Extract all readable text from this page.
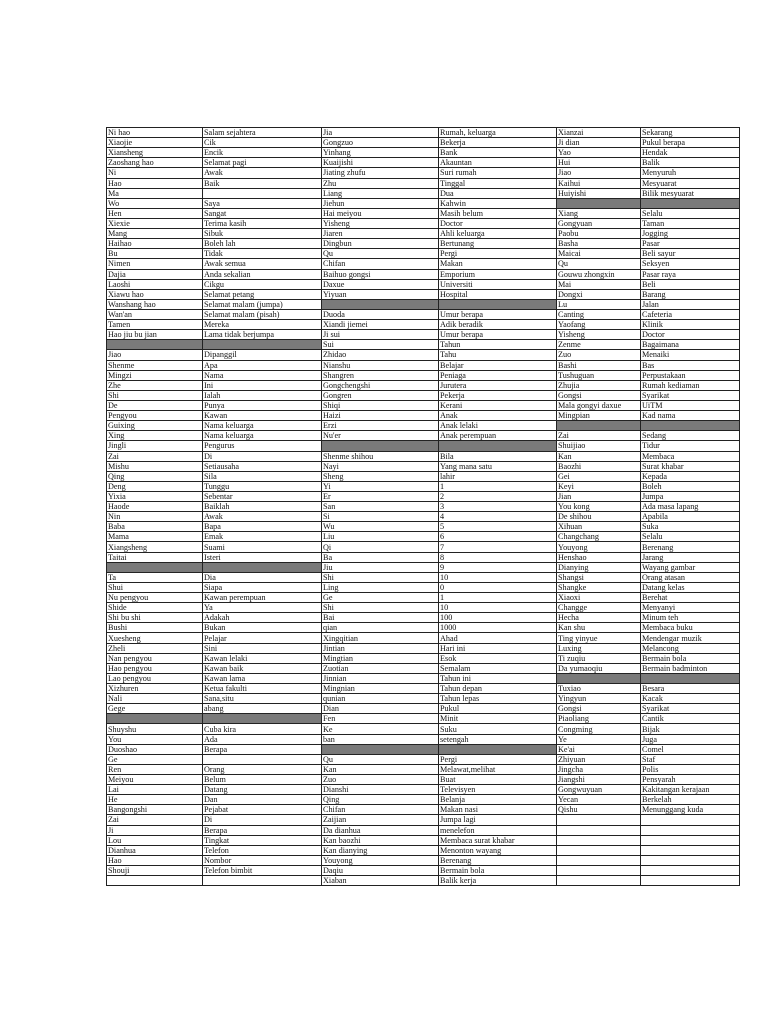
Ni hao	Salam sejahtera	Jia	Rumah, keluarga	Xianzai	Sekarang
Xiaojie	Cik	Gongzuo	Bekerja	Ji dian	Pukul berapa
Xiansheng	Encik	Yinhang	Bank	Yao	Hendak
Zaoshang hao	Selamat pagi	Kuaijishi	Akauntan	Hui	Balik
Ni	Awak	Jiating zhufu	Suri rumah	Jiao	Menyuruh
Hao	Baik	Zhu	Tinggal	Kaihui	Mesyuarat
Ma		Liang	Dua	Huiyishi	Bilik mesyuarat
Wo	Saya	Jiehun	Kahwin		
Hen	Sangat	Hai meiyou	Masih belum	Xiang	Selalu
Xiexie	Terima kasih	Yisheng	Doctor	Gongyuan	Taman
Mang	Sibuk	Jiaren	Ahli keluarga	Paobu	Jogging
Haihao	Boleh lah	Dingbun	Bertunang	Basha	Pasar
Bu	Tidak	Qu	Pergi	Maicai	Beli sayur
Nimen	Awak semua	Chifan	Makan	Qu	Seksyen
Dajia	Anda sekalian	Baihuo gongsi	Emporium	Gouwu zhongxin	Pasar raya
Laoshi	Cikgu	Daxue	Universiti	Mai	Beli
Xiawu hao	Selamat petang	Yiyuan	Hospital	Dongxi	Barang
Wanshang hao	Selamat malam (jumpa)			Lu	Jalan
Wan'an	Selamat malam (pisah)	Duoda	Umur berapa	Canting	Cafeteria
Tamen	Mereka	Xiandi jiemei	Adik beradik	Yaofang	Klinik
Hao jiu bu jian	Lama tidak berjumpa	Ji sui	Umur berapa	Yisheng	Doctor
		Sui	Tahun	Zenme	Bagaimana
Jiao	Dipanggil	Zhidao	Tahu	Zuo	Menaiki
Shenme	Apa	Nianshu	Belajar	Bashi	Bas
Mingzi	Nama	Shangren	Peniaga	Tushuguan	Perpustakaan
Zhe	Ini	Gongchengshi	Jurutera	Zhujia	Rumah kediaman
Shi	Ialah	Gongren	Pekerja	Gongsi	Syarikat
De	Punya	Shiqi	Kerani	Mala gongyi daxue	UiTM
Pengyou	Kawan	Haizi	Anak	Mingpian	Kad nama
Guixing	Nama keluarga	Erzi	Anak lelaki		
Xing	Nama keluarga	Nu'er	Anak perempuan	Zai	Sedang
Jingli	Pengurus			Shuijiao	Tidur
Zai	Di	Shenme shihou	Bila	Kan	Membaca
Mishu	Setiausaha	Nayi	Yang mana satu	Baozhi	Surat khabar
Qing	Sila	Sheng	lahir	Gei	Kepada
Deng	Tunggu	Yi	1	Keyi	Boleh
Yixia	Sebentar	Er	2	Jian	Jumpa
Haode	Baiklah	San	3	You kong	Ada masa lapang
Nin	Awak	Si	4	De shihou	Apabila
Baba	Bapa	Wu	5	Xihuan	Suka
Mama	Emak	Liu	6	Changchang	Selalu
Xiangsheng	Suami	Qi	7	Youyong	Berenang
Taitai	Isteri	Ba	8	Henshao	Jarang
		Jiu	9	Dianying	Wayang gambar
Ta	Dia	Shi	10	Shangsi	Orang atasan
Shui	Siapa	Ling	0	Shangke	Datang kelas
Nu pengyou	Kawan perempuan	Ge	1	Xiaoxi	Berehat
Shide	Ya	Shi	10	Changge	Menyanyi
Shi bu shi	Adakah	Bai	100	Hecha	Minum teh
Bushi	Bukan	qian	1000	Kan shu	Membaca buku
Xuesheng	Pelajar	Xingqitian	Ahad	Ting yinyue	Mendengar muzik
Zheli	Sini	Jintian	Hari ini	Luxing	Melancong
Nan pengyou	Kawan lelaki	Mingtian	Esok	Ti zuqiu	Bermain bola
Hao pengyou	Kawan baik	Zuotian	Semalam	Da yumaoqiu	Bermain badminton
Lao pengyou	Kawan lama	Jinnian	Tahun ini		
Xizhuren	Ketua fakulti	Mingnian	Tahun depan	Tuxiao	Besara
Nali	Sana,situ	qunian	Tahun lepas	Yingyun	Kacak
Gege	abang	Dian	Pukul	Gongsi	Syarikat
		Fen	Minit	Piaoliang	Cantik
Shuyshu	Cuba kira	Ke	Suku	Congming	Bijak
You	Ada	ban	setengah	Ye	Juga
Duoshao	Berapa			Ke'ai	Comel
Ge		Qu	Pergi	Zhiyuan	Staf
Ren	Orang	Kan	Melawat,melihat	Jingcha	Polis
Meiyou	Belum	Zuo	Buat	Jiangshi	Pensyarah
Lai	Datang	Dianshi	Televisyen	Gongwuyuan	Kakitangan kerajaan
He	Dan	Qing	Belanja	Yecan	Berkelah
Bangongshi	Pejabat	Chifan	Makan nasi	Qishu	Menunggang kuda
Zai	Di	Zaijian	Jumpa lagi		
Ji	Berapa	Da dianhua	menelefon		
Lou	Tingkat	Kan baozhi	Membaca surat khabar		
Dianhua	Telefon	Kan dianying	Menonton wayang		
Hao	Nombor	Youyong	Berenang		
Shouji	Telefon bimbit	Daqiu	Bermain bola		
		Xiaban	Balik kerja		
